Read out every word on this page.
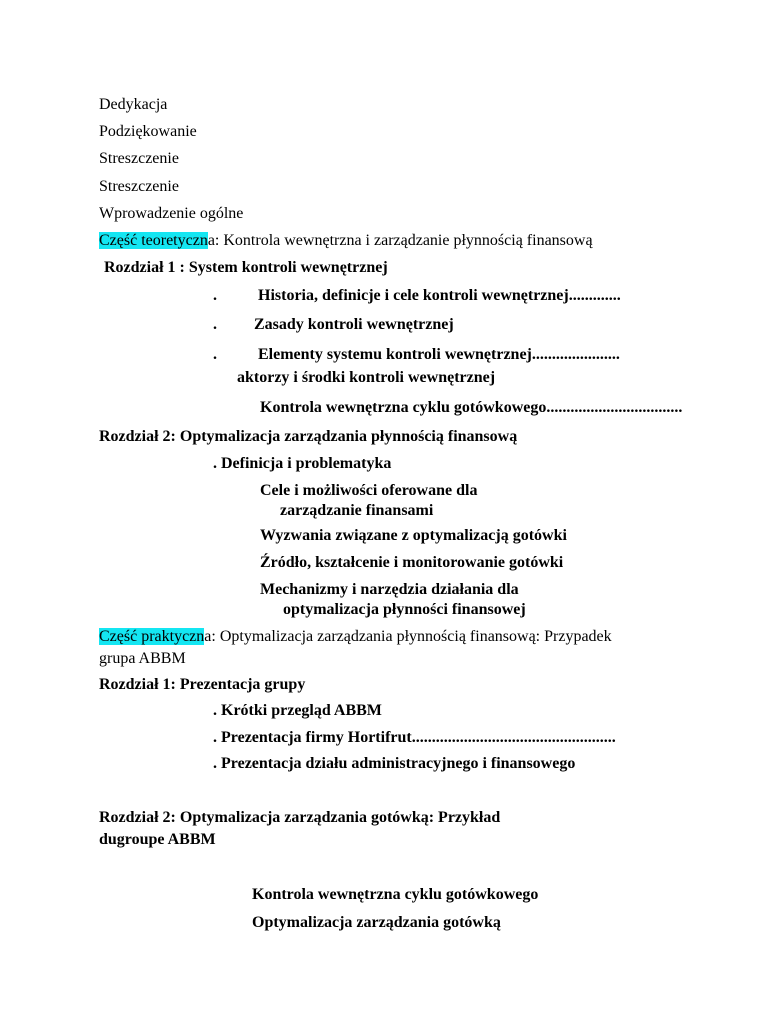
Dedykacja
Podziękowanie
Streszczenie
Streszczenie
Wprowadzenie ogólne
Część teoretyczna: Kontrola wewnętrzna i zarządzanie płynnością finansową
Rozdział 1 : System kontroli wewnętrznej
.	Historia, definicje i cele kontroli wewnętrznej.............
. Zasady kontroli wewnętrznej
.	Elementy systemu kontroli wewnętrznej......................
aktorzy i środki kontroli wewnętrznej
Kontrola wewnętrzna cyklu gotówkowego..................................
Rozdział 2: Optymalizacja zarządzania płynnością finansową
. Definicja i problematyka
Cele i możliwości oferowane dla
zarządzanie finansami
Wyzwania związane z optymalizacją gotówki
Źródło, kształcenie i monitorowanie gotówki
Mechanizmy i narzędzia działania dla
optymalizacja płynności finansowej
Część praktyczna: Optymalizacja zarządzania płynnością finansową: Przypadek
grupa ABBM
Rozdział 1: Prezentacja grupy
. Krótki przegląd ABBM
. Prezentacja firmy Hortifrut...................................................
. Prezentacja działu administracyjnego i finansowego
Rozdział 2: Optymalizacja zarządzania gotówką: Przykład
dugroupe ABBM
Kontrola wewnętrzna cyklu gotówkowego
Optymalizacja zarządzania gotówką
